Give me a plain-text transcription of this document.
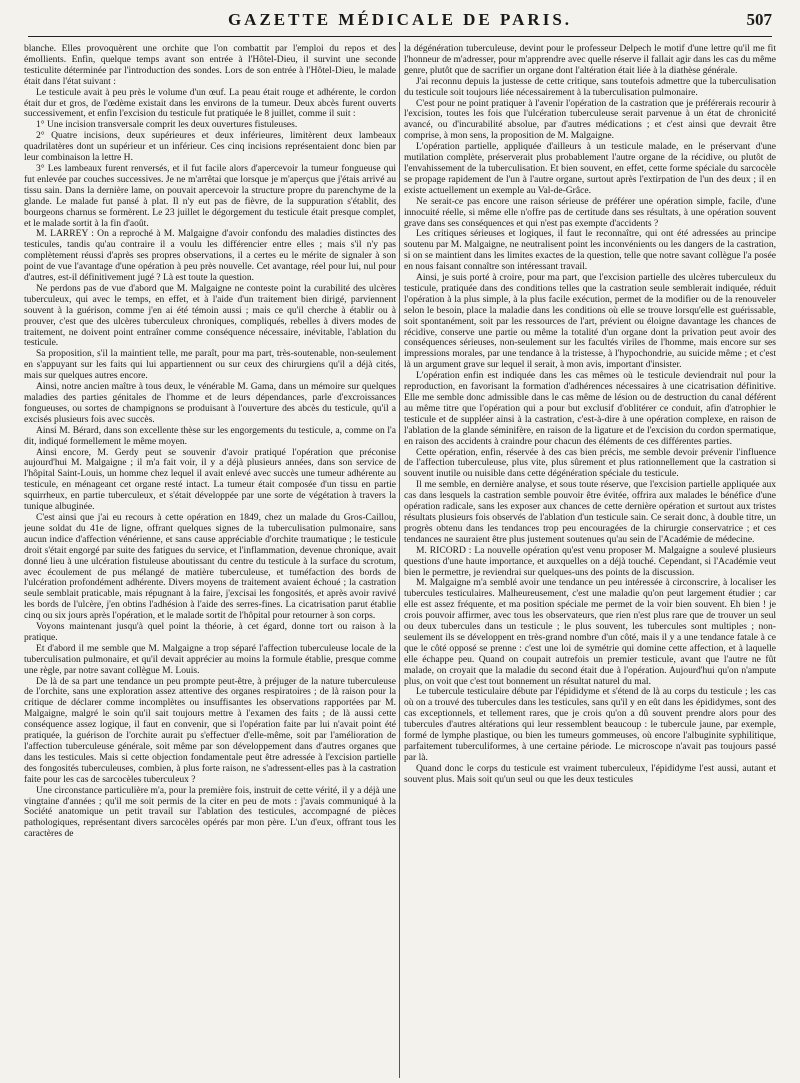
GAZETTE MÉDICALE DE PARIS.	507

blanche. Elles provoquèrent une orchite que l'on combattit par l'emploi du repos et des émollients. Enfin, quelque temps avant son entrée à l'Hôtel-Dieu, il survint une seconde testiculite déterminée par l'introduction des sondes. Lors de son entrée à l'Hôtel-Dieu, le malade était dans l'état suivant :

Le testicule avait à peu près le volume d'un œuf. La peau était rouge et adhérente, le cordon était dur et gros, de l'œdème existait dans les environs de la tumeur. Deux abcès furent ouverts successivement, et enfin l'excision du testicule fut pratiquée le 8 juillet, comme il suit :

1° Une incision transversale comprit les deux ouvertures fistuleuses.

2° Quatre incisions, deux supérieures et deux inférieures, limitèrent deux lambeaux quadrilatères dont un supérieur et un inférieur. Ces cinq incisions représentaient donc bien par leur combinaison la lettre H.

3° Les lambeaux furent renversés, et il fut facile alors d'apercevoir la tumeur fongueuse qui fut enlevée par couches successives. Je ne m'arrêtai que lorsque je m'aperçus que j'étais arrivé au tissu sain. Dans la dernière lame, on pouvait apercevoir la structure propre du parenchyme de la glande. Le malade fut pansé à plat. Il n'y eut pas de fièvre, de la suppuration s'établit, des bourgeons charnus se formèrent. Le 23 juillet le dégorgement du testicule était presque complet, et le malade sortit à la fin d'août.

M. LARREY : On a reproché à M. Malgaigne d'avoir confondu des maladies distinctes des testicules, tandis qu'au contraire il a voulu les différencier entre elles ; mais s'il n'y pas complètement réussi d'après ses propres observations, il a certes eu le mérite de signaler à son point de vue l'avantage d'une opération à peu près nouvelle. Cet avantage, réel pour lui, nul pour d'autres, est-il définitivement jugé ? Là est toute la question.

Ne perdons pas de vue d'abord que M. Malgaigne ne conteste point la curabilité des ulcères tuberculeux, qui avec le temps, en effet, et à l'aide d'un traitement bien dirigé, parviennent souvent à la guérison, comme j'en ai été témoin aussi ; mais ce qu'il cherche à établir ou à prouver, c'est que des ulcères tuberculeux chroniques, compliqués, rebelles à divers modes de traitement, ne doivent point entraîner comme conséquence nécessaire, inévitable, l'ablation du testicule.

Sa proposition, s'il la maintient telle, me paraît, pour ma part, très-soutenable, non-seulement en s'appuyant sur les faits qui lui appartiennent ou sur ceux des chirurgiens qu'il a déjà cités, mais sur quelques autres encore.

Ainsi, notre ancien maître à tous deux, le vénérable M. Gama, dans un mémoire sur quelques maladies des parties génitales de l'homme et de leurs dépendances, parle d'excroissances fongueuses, ou sortes de champignons se produisant à l'ouverture des abcès du testicule, qu'il a excisés plusieurs fois avec succès.

Ainsi M. Bérard, dans son excellente thèse sur les engorgements du testicule, a, comme on l'a dit, indiqué formellement le même moyen.

Ainsi encore, M. Gerdy peut se souvenir d'avoir pratiqué l'opération que préconise aujourd'hui M. Malgaigne ; il m'a fait voir, il y a déjà plusieurs années, dans son service de l'hôpital Saint-Louis, un homme chez lequel il avait enlevé avec succès une tumeur adhérente au testicule, en ménageant cet organe resté intact. La tumeur était composée d'un tissu en partie squirrheux, en partie tuberculeux, et s'était développée par une sorte de végétation à travers la tunique albuginée.

C'est ainsi que j'ai eu recours à cette opération en 1849, chez un malade du Gros-Caillou, jeune soldat du 41e de ligne, offrant quelques signes de la tuberculisation pulmonaire, sans aucun indice d'affection vénérienne, et sans cause appréciable d'orchite traumatique ; le testicule droit s'était engorgé par suite des fatigues du service, et l'inflammation, devenue chronique, avait donné lieu à une ulcération fistuleuse aboutissant du centre du testicule à la surface du scrotum, avec écoulement de pus mélangé de matière tuberculeuse, et tuméfaction des bords de l'ulcération profondément adhérente. Divers moyens de traitement avaient échoué ; la castration seule semblait praticable, mais répugnant à la faire, j'excisai les fongosités, et après avoir ravivé les bords de l'ulcère, j'en obtins l'adhésion à l'aide des serres-fines. La cicatrisation parut établie cinq ou six jours après l'opération, et le malade sortit de l'hôpital pour retourner à son corps.

Voyons maintenant jusqu'à quel point la théorie, à cet égard, donne tort ou raison à la pratique.

Et d'abord il me semble que M. Malgaigne a trop séparé l'affection tuberculeuse locale de la tuberculisation pulmonaire, et qu'il devait apprécier au moins la formule établie, presque comme une règle, par notre savant collègue M. Louis.

De là de sa part une tendance un peu prompte peut-être, à préjuger de la nature tuberculeuse de l'orchite, sans une exploration assez attentive des organes respiratoires ; de là raison pour la critique de déclarer comme incomplètes ou insuffisantes les observations rapportées par M. Malgaigne, malgré le soin qu'il sait toujours mettre à l'examen des faits ; de là aussi cette conséquence assez logique, il faut en convenir, que si l'opération faite par lui n'avait point été pratiquée, la guérison de l'orchite aurait pu s'effectuer d'elle-même, soit par l'amélioration de l'affection tuberculeuse générale, soit même par son développement dans d'autres organes que dans les testicules. Mais si cette objection fondamentale peut être adressée à l'excision partielle des fongosités tuberculeuses, combien, à plus forte raison, ne s'adressent-elles pas à la castration faite pour les cas de sarcocèles tuberculeux ?

Une circonstance particulière m'a, pour la première fois, instruit de cette vérité, il y a déjà une vingtaine d'années ; qu'il me soit permis de la citer en peu de mots : j'avais communiqué à la Société anatomique un petit travail sur l'ablation des testicules, accompagné de pièces pathologiques, représentant divers sarcocèles opérés par mon père. L'un d'eux, offrant tous les caractères de

la dégénération tuberculeuse, devint pour le professeur Delpech le motif d'une lettre qu'il me fit l'honneur de m'adresser, pour m'apprendre avec quelle réserve il fallait agir dans les cas du même genre, plutôt que de sacrifier un organe dont l'altération était liée à la diathèse générale.

J'ai reconnu depuis la justesse de cette critique, sans toutefois admettre que la tuberculisation du testicule soit toujours liée nécessairement à la tuberculisation pulmonaire.

C'est pour ne point pratiquer à l'avenir l'opération de la castration que je préférerais recourir à l'excision, toutes les fois que l'ulcération tuberculeuse serait parvenue à un état de chronicité avancé, ou d'incurabilité absolue, par d'autres médications ; et c'est ainsi que devrait être comprise, à mon sens, la proposition de M. Malgaigne.

L'opération partielle, appliquée d'ailleurs à un testicule malade, en le préservant d'une mutilation complète, préserverait plus probablement l'autre organe de la récidive, ou plutôt de l'envahissement de la tuberculisation. Et bien souvent, en effet, cette forme spéciale du sarcocèle se propage rapidement de l'un à l'autre organe, surtout après l'extirpation de l'un des deux ; il en existe actuellement un exemple au Val-de-Grâce.

Ne serait-ce pas encore une raison sérieuse de préférer une opération simple, facile, d'une innocuité réelle, si même elle n'offre pas de certitude dans ses résultats, à une opération souvent grave dans ses conséquences et qui n'est pas exempte d'accidents ?

Les critiques sérieuses et logiques, il faut le reconnaître, qui ont été adressées au principe soutenu par M. Malgaigne, ne neutralisent point les inconvénients ou les dangers de la castration, si on se maintient dans les limites exactes de la question, telle que notre savant collègue l'a posée en nous faisant connaître son intéressant travail.

Ainsi, je suis porté à croire, pour ma part, que l'excision partielle des ulcères tuberculeux du testicule, pratiquée dans des conditions telles que la castration seule semblerait indiquée, réduit l'opération à la plus simple, à la plus facile exécution, permet de la modifier ou de la renouveler selon le besoin, place la maladie dans les conditions où elle se trouve lorsqu'elle est guérissable, soit spontanément, soit par les ressources de l'art, prévient ou éloigne davantage les chances de récidive, conserve une partie ou même la totalité d'un organe dont la privation peut avoir des conséquences sérieuses, non-seulement sur les facultés viriles de l'homme, mais encore sur ses impressions morales, par une tendance à la tristesse, à l'hypochondrie, au suicide même ; et c'est là un argument grave sur lequel il serait, à mon avis, important d'insister.

L'opération enfin est indiquée dans les cas mêmes où le testicule deviendrait nul pour la reproduction, en favorisant la formation d'adhérences nécessaires à une cicatrisation définitive. Elle me semble donc admissible dans le cas même de lésion ou de destruction du canal déférent au même titre que l'opération qui a pour but exclusif d'oblitérer ce conduit, afin d'atrophier le testicule et de suppléer ainsi à la castration, c'est-à-dire à une opération complexe, en raison de l'ablation de la glande séminifère, en raison de la ligature et de l'excision du cordon spermatique, en raison des accidents à craindre pour chacun des éléments de ces différentes parties.

Cette opération, enfin, réservée à des cas bien précis, me semble devoir prévenir l'influence de l'affection tuberculeuse, plus vite, plus sûrement et plus rationnellement que la castration si souvent inutile ou nuisible dans cette dégénération spéciale du testicule.

Il me semble, en dernière analyse, et sous toute réserve, que l'excision partielle appliquée aux cas dans lesquels la castration semble pouvoir être évitée, offrira aux malades le bénéfice d'une opération radicale, sans les exposer aux chances de cette dernière opération et surtout aux tristes résultats plusieurs fois observés de l'ablation d'un testicule sain. Ce serait donc, à double titre, un progrès obtenu dans les tendances trop peu encouragées de la chirurgie conservatrice ; et ces tendances ne sauraient être plus justement soutenues qu'au sein de l'Académie de médecine.

M. RICORD : La nouvelle opération qu'est venu proposer M. Malgaigne a soulevé plusieurs questions d'une haute importance, et auxquelles on a déjà touché. Cependant, si l'Académie veut bien le permettre, je reviendrai sur quelques-uns des points de la discussion.

M. Malgaigne m'a semblé avoir une tendance un peu intéressée à circonscrire, à localiser les tubercules testiculaires. Malheureusement, c'est une maladie qu'on peut largement étudier ; car elle est assez fréquente, et ma position spéciale me permet de la voir bien souvent. Eh bien ! je crois pouvoir affirmer, avec tous les observateurs, que rien n'est plus rare que de trouver un seul ou deux tubercules dans un testicule ; le plus souvent, les tubercules sont multiples ; non-seulement ils se développent en très-grand nombre d'un côté, mais il y a une tendance fatale à ce que le côté opposé se prenne : c'est une loi de symétrie qui domine cette affection, et à laquelle elle échappe peu. Quand on coupait autrefois un premier testicule, avant que l'autre ne fût malade, on croyait que la maladie du second était due à l'opération. Aujourd'hui qu'on n'ampute plus, on voit que c'est tout bonnement un résultat naturel du mal.

Le tubercule testiculaire débute par l'épididyme et s'étend de là au corps du testicule ; les cas où on a trouvé des tubercules dans les testicules, sans qu'il y en eût dans les épididymes, sont des cas exceptionnels, et tellement rares, que je crois qu'on a dû souvent prendre alors pour des tubercules d'autres altérations qui leur ressemblent beaucoup : le tubercule jaune, par exemple, formé de lymphe plastique, ou bien les tumeurs gommeuses, où encore l'albuginite syphilitique, parfaitement tuberculiformes, à une certaine période. Le microscope n'avait pas toujours passé par là.

Quand donc le corps du testicule est vraiment tuberculeux, l'épididyme l'est aussi, autant et souvent plus. Mais soit qu'un seul ou que les deux testicules
